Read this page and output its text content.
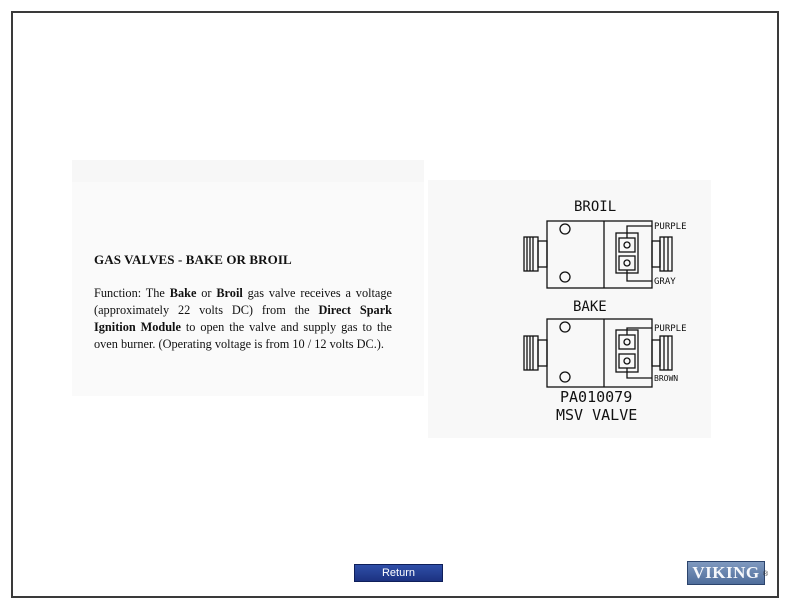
GAS VALVES - BAKE OR BROIL
Function: The Bake or Broil gas valve receives a voltage (approximately 22 volts DC) from the Direct Spark Ignition Module to open the valve and supply gas to the oven burner. (Operating voltage is from 10 / 12 volts DC.).
BROIL
PURPLE
GRAY
BAKE
PURPLE
BROWN
PA010079
MSV VALVE
Return	VIKING ®
